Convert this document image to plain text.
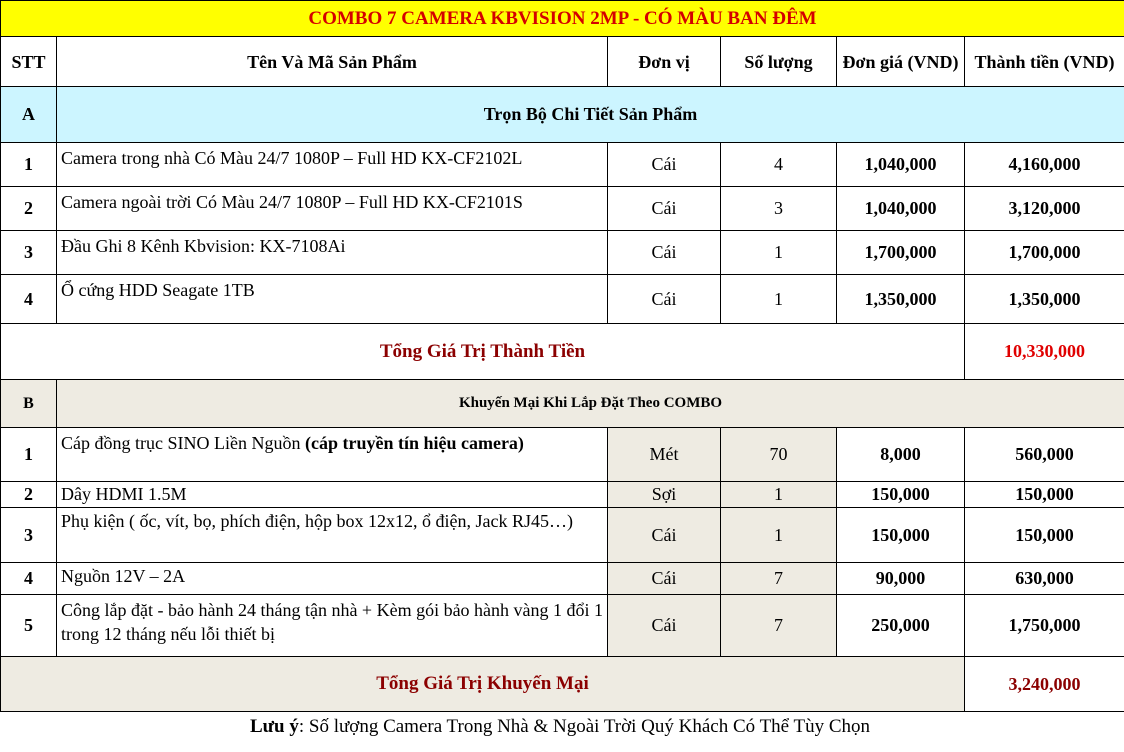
COMBO 7 CAMERA KBVISION 2MP - CÓ MÀU BAN ĐÊM					
STT	Tên Và Mã Sản Phẩm	Đơn vị	Số lượng	Đơn giá (VND)	Thành tiền (VND)
A	Trọn Bộ Chi Tiết Sản Phẩm				
1	Camera trong nhà Có Màu 24/7 1080P – Full HD KX-CF2102L	Cái	4	1,040,000	4,160,000
2	Camera ngoài trời Có Màu 24/7 1080P – Full HD KX-CF2101S	Cái	3	1,040,000	3,120,000
3	Đầu Ghi 8 Kênh Kbvision: KX-7108Ai	Cái	1	1,700,000	1,700,000
4	Ổ cứng HDD Seagate 1TB	Cái	1	1,350,000	1,350,000
Tổng Giá Trị Thành Tiền					10,330,000
B	Khuyến Mại Khi Lắp Đặt Theo COMBO				
1	Cáp đồng trục SINO Liền Nguồn (cáp truyền tín hiệu camera)	Mét	70	8,000	560,000
2	Dây HDMI 1.5M	Sợi	1	150,000	150,000
3	Phụ kiện ( ốc, vít, bọ, phích điện, hộp box 12x12, ổ điện, Jack RJ45…)	Cái	1	150,000	150,000
4	Nguồn 12V – 2A	Cái	7	90,000	630,000
5	Công lắp đặt - bảo hành 24 tháng tận nhà + Kèm gói bảo hành vàng 1 đổi 1 trong 12 tháng nếu lỗi thiết bị	Cái	7	250,000	1,750,000
Tổng Giá Trị Khuyến Mại					3,240,000
Lưu ý: Số lượng Camera Trong Nhà & Ngoài Trời Quý Khách Có Thể Tùy Chọn
